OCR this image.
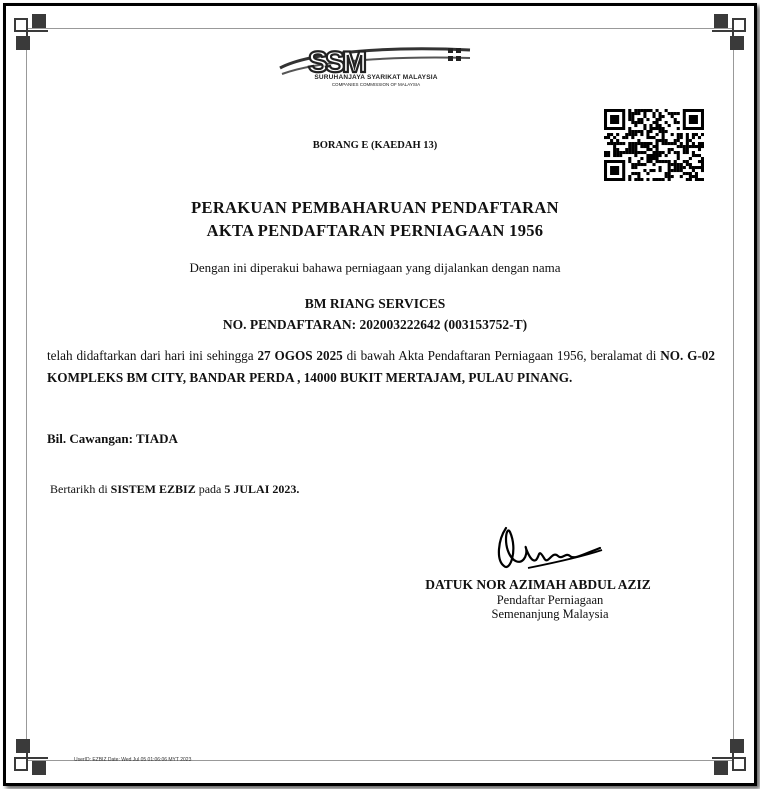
SSM
SURUHANJAYA SYARIKAT MALAYSIA
COMPANIES COMMISSION OF MALAYSIA
BORANG E (KAEDAH 13)
PERAKUAN PEMBAHARUAN PENDAFTARAN
AKTA PENDAFTARAN PERNIAGAAN 1956
Dengan ini diperakui bahawa perniagaan yang dijalankan dengan nama
BM RIANG SERVICES
NO. PENDAFTARAN: 202003222642 (003153752-T)
telah didaftarkan dari hari ini sehingga 27 OGOS 2025 di bawah Akta Pendaftaran Perniagaan 1956, beralamat di NO. G-02 KOMPLEKS BM CITY, BANDAR PERDA , 14000 BUKIT MERTAJAM, PULAU PINANG.
Bil. Cawangan: TIADA
Bertarikh di SISTEM EZBIZ pada 5 JULAI 2023.
DATUK NOR AZIMAH ABDUL AZIZ
Pendaftar Perniagaan
Semenanjung Malaysia
UserID: EZBIZ Date: Wed Jul 05 01:06:06 MYT 2023
